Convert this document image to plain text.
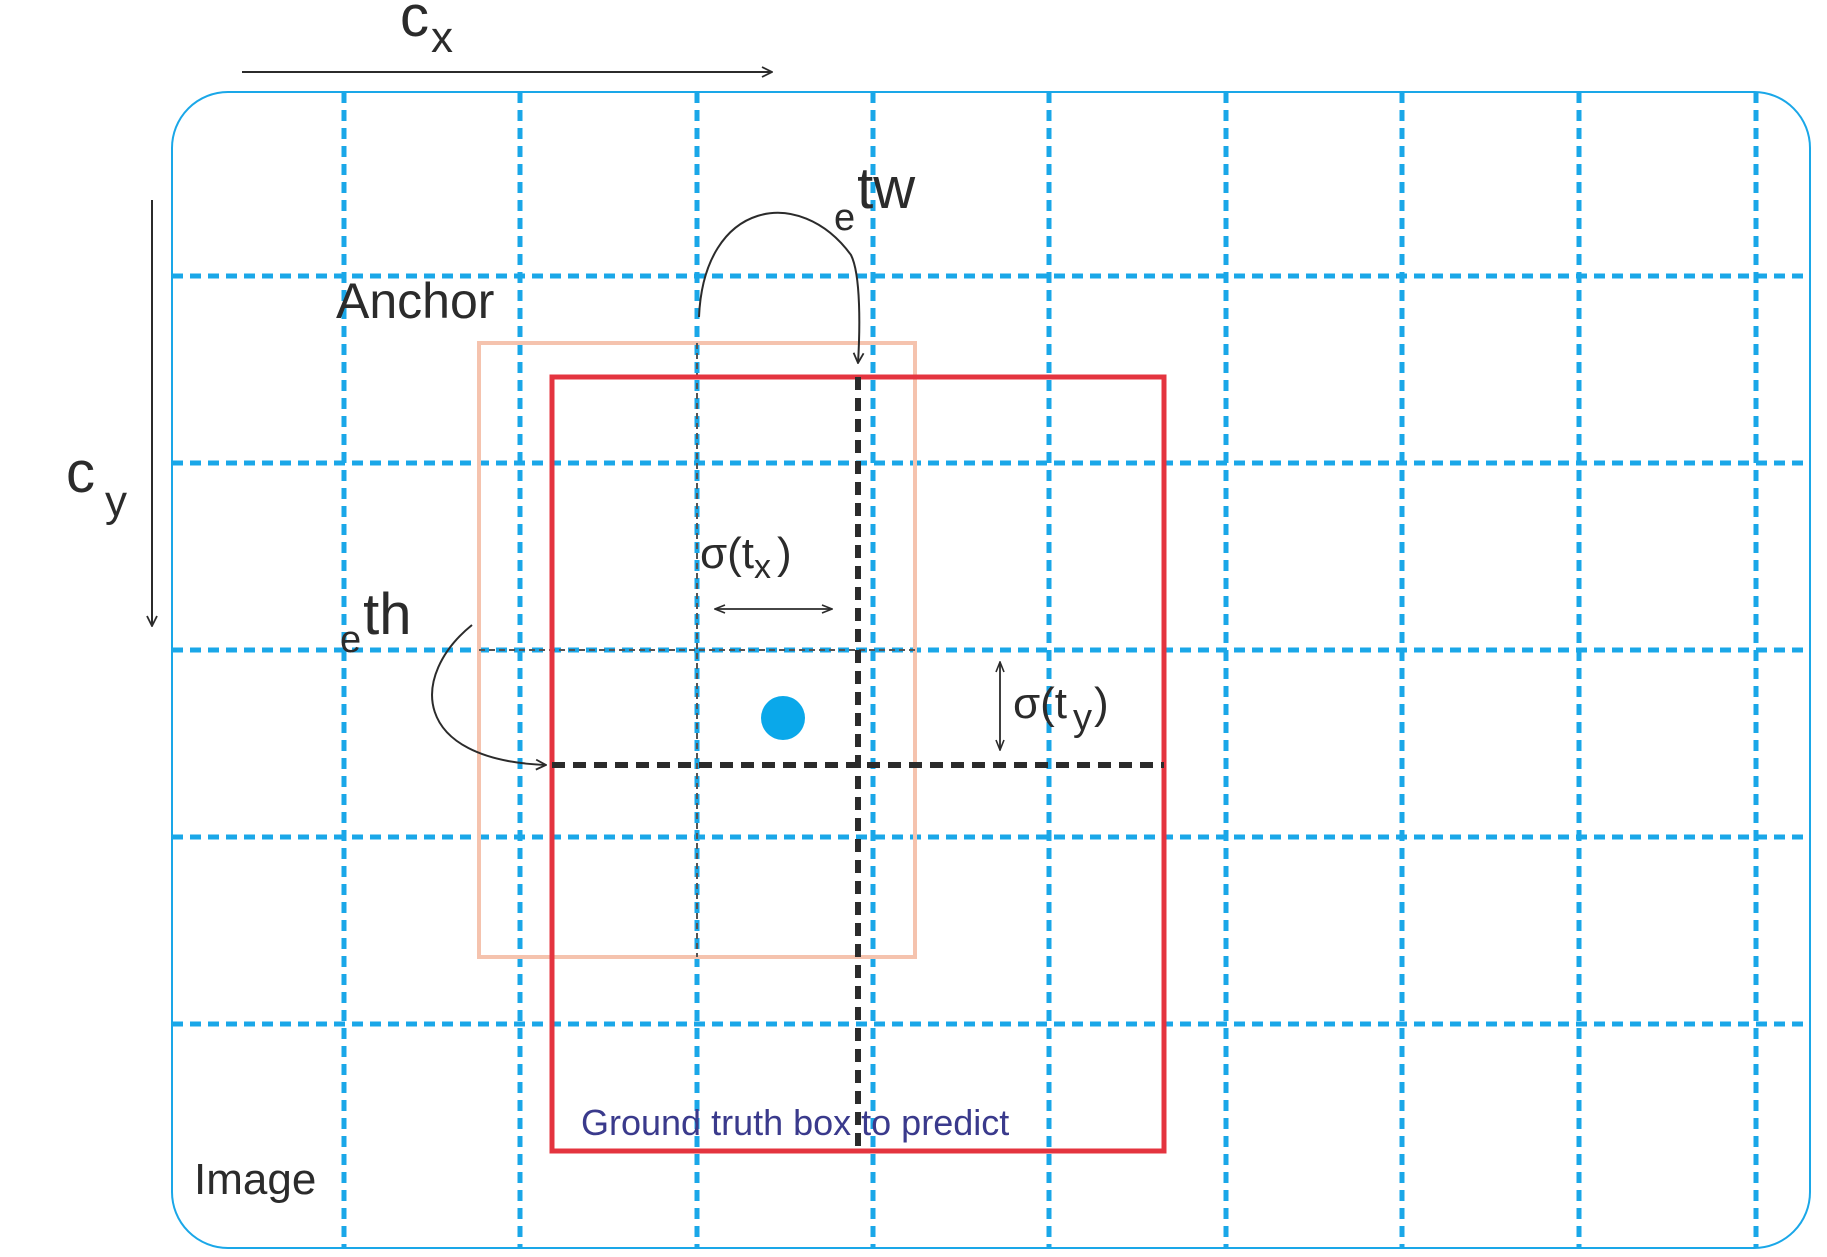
$c_x$
c $_y$
Anchor
Image
etw
eth
$\sigma(t_x$ )
σ(t y)
Ground truth box to predict
